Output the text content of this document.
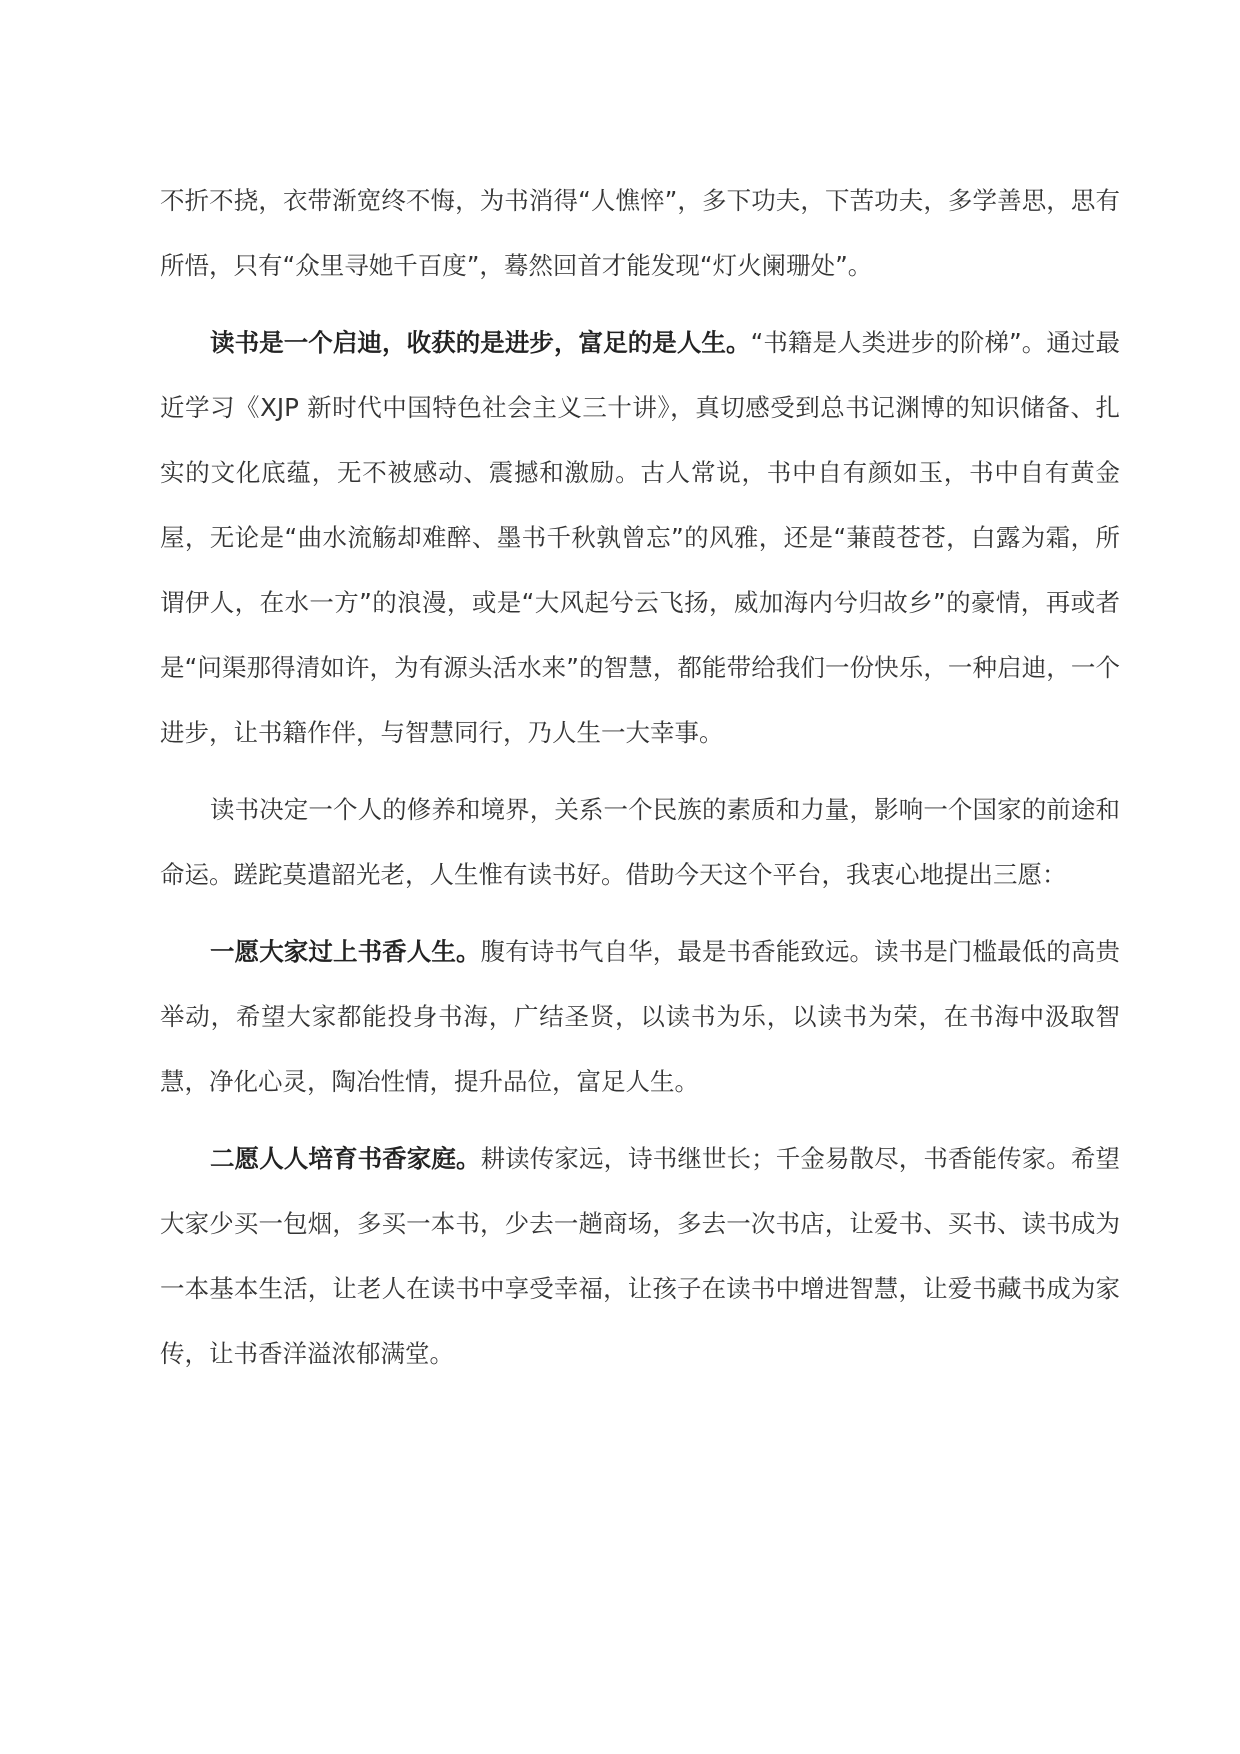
不折不挠，衣带渐宽终不悔，为书消得“人憔悴”，多下功夫，下苦功夫，多学善思，思有所悟，只有“众里寻她千百度”，蓦然回首才能发现“灯火阑珊处”。

读书是一个启迪，收获的是进步，富足的是人生。“书籍是人类进步的阶梯”。通过最近学习《XJP 新时代中国特色社会主义三十讲》，真切感受到总书记渊博的知识储备、扎实的文化底蕴，无不被感动、震撼和激励。古人常说，书中自有颜如玉，书中自有黄金屋，无论是“曲水流觞却难醉、墨书千秋孰曾忘”的风雅，还是“蒹葭苍苍，白露为霜，所谓伊人，在水一方”的浪漫，或是“大风起兮云飞扬，威加海内兮归故乡”的豪情，再或者是“问渠那得清如许，为有源头活水来”的智慧，都能带给我们一份快乐，一种启迪，一个进步，让书籍作伴，与智慧同行，乃人生一大幸事。

读书决定一个人的修养和境界，关系一个民族的素质和力量，影响一个国家的前途和命运。蹉跎莫遣韶光老，人生惟有读书好。借助今天这个平台，我衷心地提出三愿：

一愿大家过上书香人生。腹有诗书气自华，最是书香能致远。读书是门槛最低的高贵举动，希望大家都能投身书海，广结圣贤，以读书为乐，以读书为荣，在书海中汲取智慧，净化心灵，陶冶性情，提升品位，富足人生。

二愿人人培育书香家庭。耕读传家远，诗书继世长；千金易散尽，书香能传家。希望大家少买一包烟，多买一本书，少去一趟商场，多去一次书店，让爱书、买书、读书成为一本基本生活，让老人在读书中享受幸福，让孩子在读书中增进智慧，让爱书藏书成为家传，让书香洋溢浓郁满堂。
